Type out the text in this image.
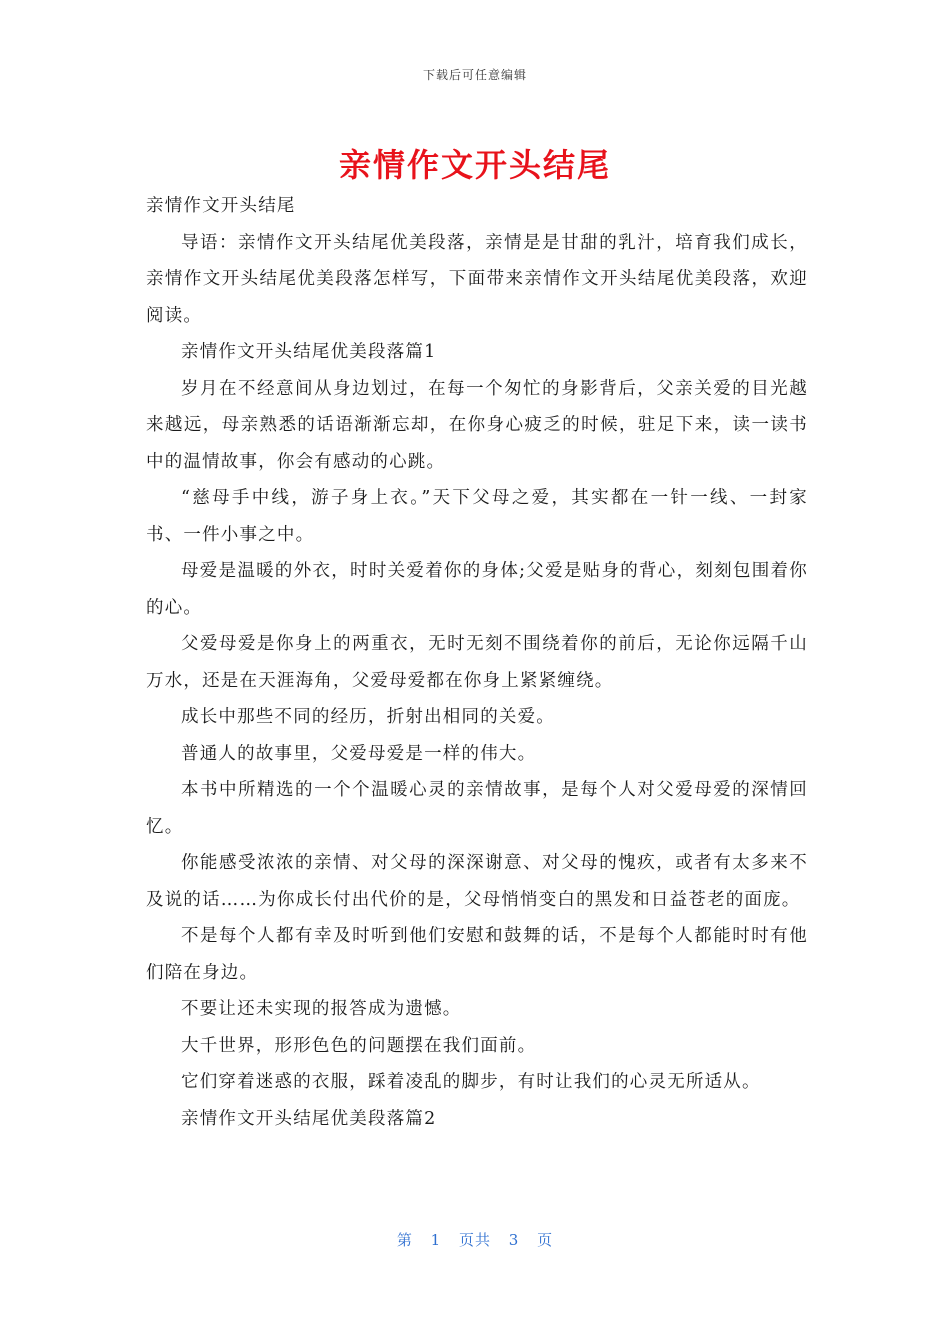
下载后可任意编辑
亲情作文开头结尾

亲情作文开头结尾

导语：亲情作文开头结尾优美段落，亲情是是甘甜的乳汁，培育我们成长，亲情作文开头结尾优美段落怎样写，下面带来亲情作文开头结尾优美段落，欢迎阅读。

亲情作文开头结尾优美段落篇1

岁月在不经意间从身边划过，在每一个匆忙的身影背后，父亲关爱的目光越来越远，母亲熟悉的话语渐渐忘却，在你身心疲乏的时候，驻足下来，读一读书中的温情故事，你会有感动的心跳。

“慈母手中线，游子身上衣。”天下父母之爱，其实都在一针一线、一封家书、一件小事之中。

母爱是温暖的外衣，时时关爱着你的身体;父爱是贴身的背心，刻刻包围着你的心。

父爱母爱是你身上的两重衣，无时无刻不围绕着你的前后，无论你远隔千山万水，还是在天涯海角，父爱母爱都在你身上紧紧缠绕。

成长中那些不同的经历，折射出相同的关爱。

普通人的故事里，父爱母爱是一样的伟大。

本书中所精选的一个个温暖心灵的亲情故事，是每个人对父爱母爱的深情回忆。

你能感受浓浓的亲情、对父母的深深谢意、对父母的愧疚，或者有太多来不及说的话……为你成长付出代价的是，父母悄悄变白的黑发和日益苍老的面庞。

不是每个人都有幸及时听到他们安慰和鼓舞的话，不是每个人都能时时有他们陪在身边。

不要让还未实现的报答成为遗憾。

大千世界，形形色色的问题摆在我们面前。

它们穿着迷惑的衣服，踩着凌乱的脚步，有时让我们的心灵无所适从。

亲情作文开头结尾优美段落篇2

第 1 页共 3 页
